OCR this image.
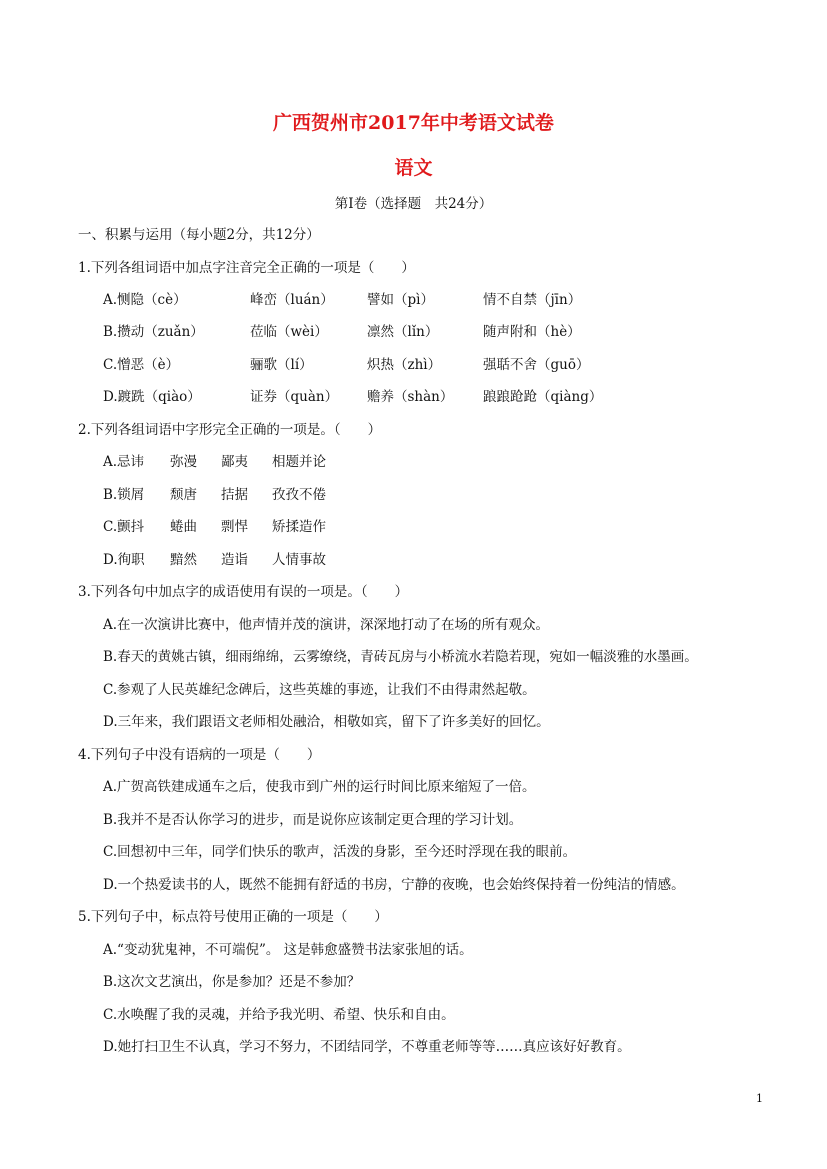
广西贺州市2017年中考语文试卷
语文
第Ⅰ卷（选择题　共24分）
一、积累与运用（每小题2分，共12分）
1.下列各组词语中加点字注音完全正确的一项是（　　）
A.恻隐（cè）	峰峦（luán） 譬如（pì）	情不自禁（jīn）
B.攒动（zuǎn）	莅临（wèi）	凛然（lǐn）	随声附和（hè）
C.憎恶（è）	骊歌（lí）	炽热（zhì）	强聒不舍（guō）
D.踱跣（qiào）	证券（quàn） 赡养（shàn） 踉踉跄跄（qiàng）
2.下列各组词语中字形完全正确的一项是。（　　）
A.忌讳 弥漫 鄙夷 相题并论
B.锁屑 颓唐 拮据 孜孜不倦
C.颤抖 蜷曲 剽悍 矫揉造作
D.徇职 黯然 造诣 人情事故
3.下列各句中加点字的成语使用有误的一项是。（　　）
A.在一次演讲比赛中，他声情并茂的演讲，深深地打动了在场的所有观众。
B.春天的黄姚古镇，细雨绵绵，云雾缭绕，青砖瓦房与小桥流水若隐若现，宛如一幅淡雅的水墨画。
C.参观了人民英雄纪念碑后，这些英雄的事迹，让我们不由得肃然起敬。
D.三年来，我们跟语文老师相处融洽，相敬如宾，留下了许多美好的回忆。
4.下列句子中没有语病的一项是（　　）
A.广贺高铁建成通车之后，使我市到广州的运行时间比原来缩短了一倍。
B.我并不是否认你学习的进步，而是说你应该制定更合理的学习计划。
C.回想初中三年，同学们快乐的歌声，活泼的身影，至今还时浮现在我的眼前。
D.一个热爱读书的人，既然不能拥有舒适的书房，宁静的夜晚，也会始终保持着一份纯洁的情感。
5.下列句子中，标点符号使用正确的一项是（　　）
A.“变动犹鬼神，不可端倪”。 这是韩愈盛赞书法家张旭的话。
B.这次文艺演出，你是参加？还是不参加？
C.水唤醒了我的灵魂，并给予我光明、希望、快乐和自由。
D.她打扫卫生不认真，学习不努力，不团结同学，不尊重老师等等……真应该好好教育。
1
